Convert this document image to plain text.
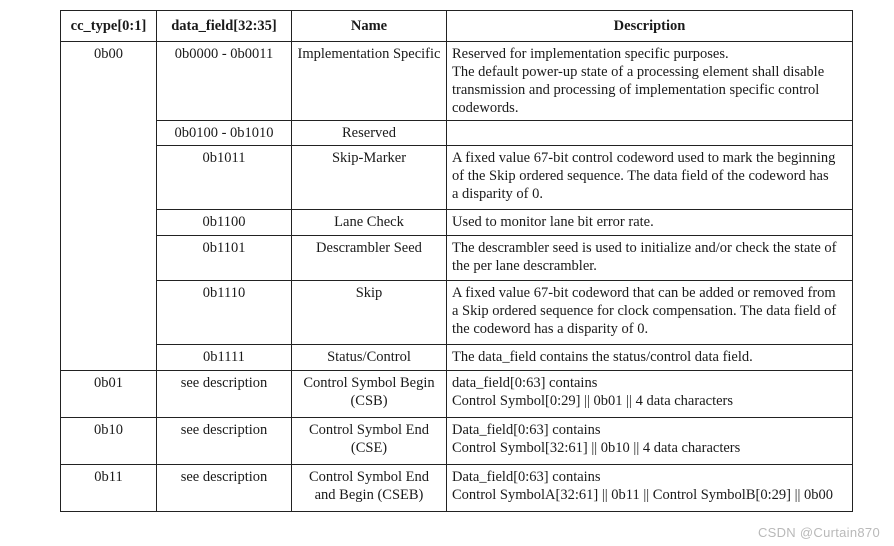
cc_type[0:1]	data_field[32:35]	Name	Description
0b00	0b0000 - 0b0011	Implementation Specific	Reserved for implementation specific purposes.
The default power-up state of a processing element shall disable
transmission and processing of implementation specific control
codewords.

	0b0100 - 0b1010	Reserved	

	0b1011	Skip-Marker	A fixed value 67-bit control codeword used to mark the beginning
of the Skip ordered sequence. The data field of the codeword has
a disparity of 0.

	0b1100	Lane Check	Used to monitor lane bit error rate.

	0b1101	Descrambler Seed	The descrambler seed is used to initialize and/or check the state of
the per lane descrambler.

	0b1110	Skip	A fixed value 67-bit codeword that can be added or removed from
a Skip ordered sequence for clock compensation. The data field of
the codeword has a disparity of 0.

	0b1111	Status/Control	The data_field contains the status/control data field.

0b01	see description	Control Symbol Begin (CSB)	data_field[0:63] contains
Control Symbol[0:29] || 0b01 || 4 data characters

0b10	see description	Control Symbol End (CSE)	Data_field[0:63] contains
Control Symbol[32:61] || 0b10 || 4 data characters

0b11	see description	Control Symbol End and Begin (CSEB)	Data_field[0:63] contains
Control SymbolA[32:61] || 0b11 || Control SymbolB[0:29] || 0b00
CSDN @Curtain870
